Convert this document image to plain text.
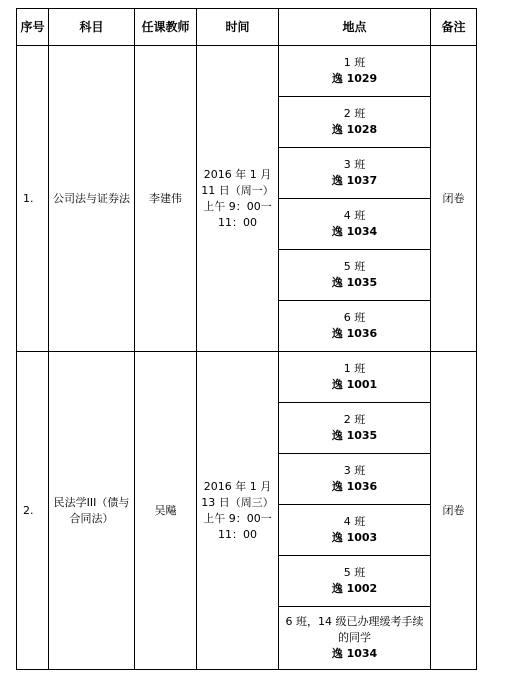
序号	科目	任课教师	时间	地点	备注
1.	公司法与证券法	李建伟	2016 年 1 月 11 日（周一）上午 9：00一 11：00	1 班
逸 1029	闭卷

				2 班
逸 1028	

				3 班
逸 1037	

				4 班
逸 1034	

				5 班
逸 1035	

				6 班
逸 1036	

2.	民法学III（债与合同法）	吴飚	2016 年 1 月 13 日（周三）上午 9：00一 11：00	1 班
逸 1001	闭卷

				2 班
逸 1035	

				3 班
逸 1036	

				4 班
逸 1003	

				5 班
逸 1002	

				6 班，14 级已办理缓考手续的同学
逸 1034	
